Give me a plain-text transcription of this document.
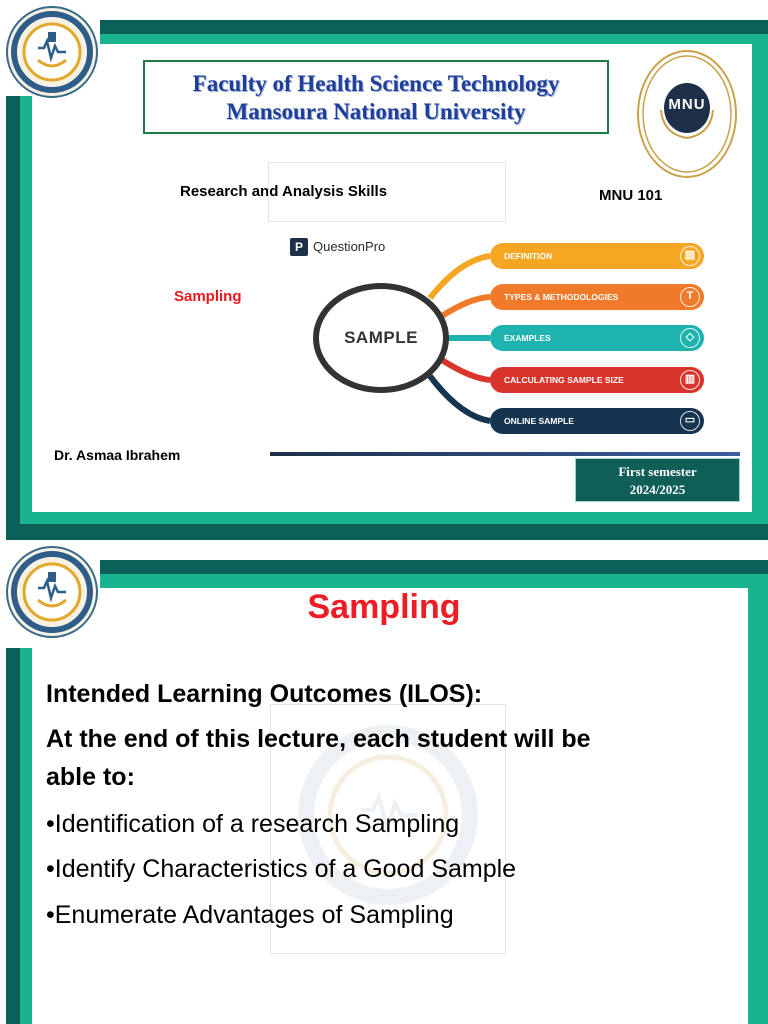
Faculty of Health Science Technology
Mansoura National University	MNU
Research and Analysis Skills	MNU 101
Sampling
P QuestionPro
SAMPLE
DEFINITION	▤
TYPES & METHODOLOGIES	T
EXAMPLES	◇
CALCULATING SAMPLE SIZE	▥
ONLINE SAMPLE	▭
Dr. Asmaa Ibrahem
First semester
2024/2025
Sampling
Intended Learning Outcomes (ILOS):
At the end of this lecture, each student will be
able to:
•Identification of a research Sampling
•Identify Characteristics of a Good Sample
•Enumerate Advantages of Sampling
